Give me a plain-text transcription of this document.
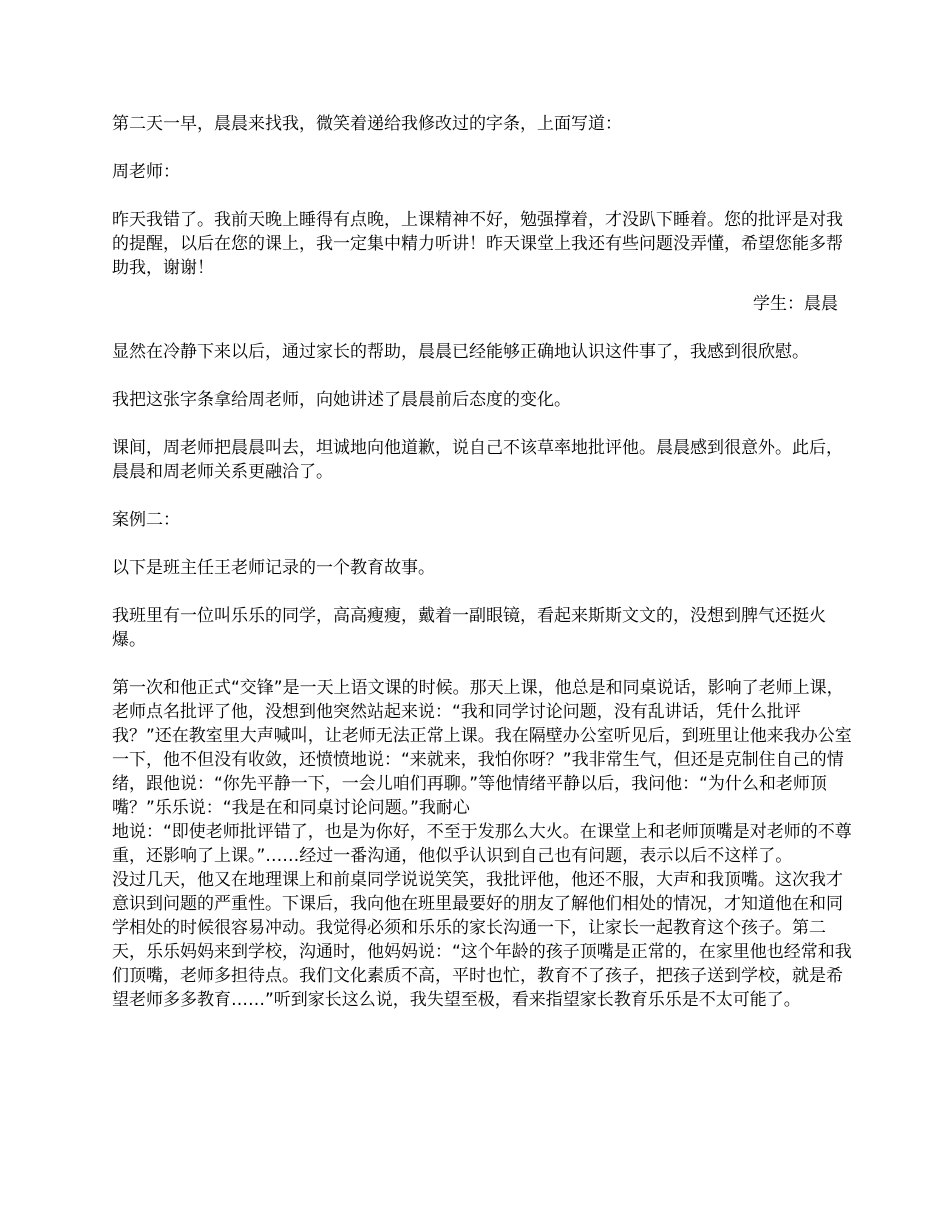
第二天一早，晨晨来找我，微笑着递给我修改过的字条，上面写道：

周老师：

昨天我错了。我前天晚上睡得有点晚，上课精神不好，勉强撑着，才没趴下睡着。您的批评是对我的提醒，以后在您的课上，我一定集中精力听讲！昨天课堂上我还有些问题没弄懂，希望您能多帮助我，谢谢！

学生：晨晨

显然在冷静下来以后，通过家长的帮助，晨晨已经能够正确地认识这件事了，我感到很欣慰。

我把这张字条拿给周老师，向她讲述了晨晨前后态度的变化。

课间，周老师把晨晨叫去，坦诚地向他道歉，说自己不该草率地批评他。晨晨感到很意外。此后，晨晨和周老师关系更融洽了。

案例二：

以下是班主任王老师记录的一个教育故事。

我班里有一位叫乐乐的同学，高高瘦瘦，戴着一副眼镜，看起来斯斯文文的，没想到脾气还挺火爆。

第一次和他正式“交锋”是一天上语文课的时候。那天上课，他总是和同桌说话，影响了老师上课，老师点名批评了他，没想到他突然站起来说：“我和同学讨论问题，没有乱讲话，凭什么批评我？”还在教室里大声喊叫，让老师无法正常上课。我在隔壁办公室听见后，到班里让他来我办公室一下，他不但没有收敛，还愤愤地说：“来就来，我怕你呀？”我非常生气，但还是克制住自己的情绪，跟他说：“你先平静一下，一会儿咱们再聊。”等他情绪平静以后，我问他：“为什么和老师顶嘴？”乐乐说：“我是在和同桌讨论问题。”我耐心

地说：“即使老师批评错了，也是为你好，不至于发那么大火。在课堂上和老师顶嘴是对老师的不尊重，还影响了上课。”……经过一番沟通，他似乎认识到自己也有问题，表示以后不这样了。

没过几天，他又在地理课上和前桌同学说说笑笑，我批评他，他还不服，大声和我顶嘴。这次我才意识到问题的严重性。下课后，我向他在班里最要好的朋友了解他们相处的情况，才知道他在和同学相处的时候很容易冲动。我觉得必须和乐乐的家长沟通一下，让家长一起教育这个孩子。第二天，乐乐妈妈来到学校，沟通时，他妈妈说：“这个年龄的孩子顶嘴是正常的，在家里他也经常和我们顶嘴，老师多担待点。我们文化素质不高，平时也忙，教育不了孩子，把孩子送到学校，就是希望老师多多教育……”听到家长这么说，我失望至极，看来指望家长教育乐乐是不太可能了。
